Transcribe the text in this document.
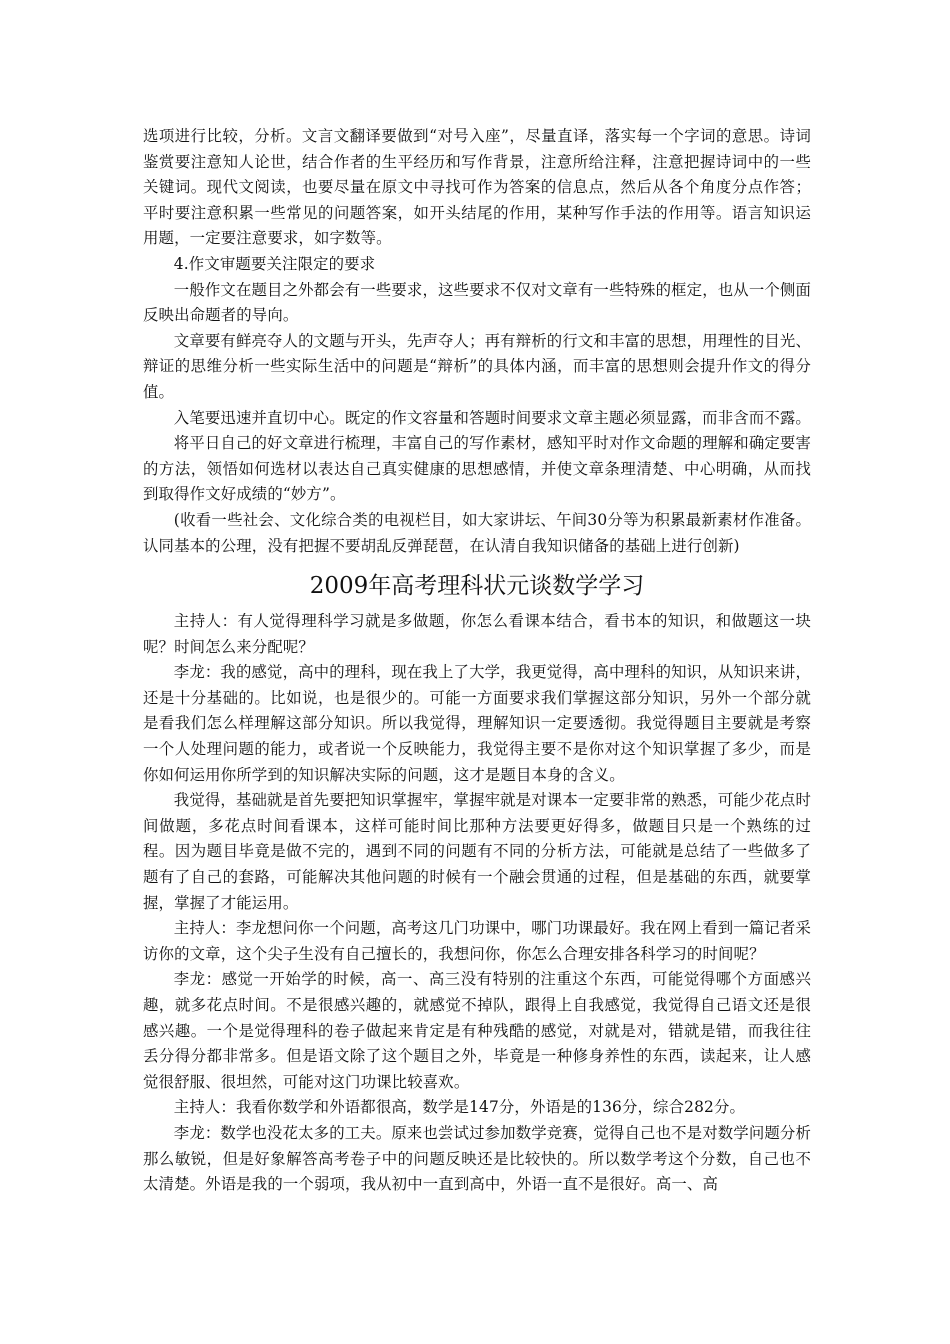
选项进行比较，分析。文言文翻译要做到“对号入座”，尽量直译，落实每一个字词的意思。诗词鉴赏要注意知人论世，结合作者的生平经历和写作背景，注意所给注释，注意把握诗词中的一些关键词。现代文阅读，也要尽量在原文中寻找可作为答案的信息点，然后从各个角度分点作答；平时要注意积累一些常见的问题答案，如开头结尾的作用，某种写作手法的作用等。语言知识运用题，一定要注意要求，如字数等。

4.作文审题要关注限定的要求

一般作文在题目之外都会有一些要求，这些要求不仅对文章有一些特殊的框定，也从一个侧面反映出命题者的导向。

文章要有鲜亮夺人的文题与开头，先声夺人；再有辩析的行文和丰富的思想，用理性的目光、辩证的思维分析一些实际生活中的问题是“辩析”的具体内涵，而丰富的思想则会提升作文的得分值。

入笔要迅速并直切中心。既定的作文容量和答题时间要求文章主题必须显露，而非含而不露。

将平日自己的好文章进行梳理，丰富自己的写作素材，感知平时对作文命题的理解和确定要害的方法，领悟如何选材以表达自己真实健康的思想感情，并使文章条理清楚、中心明确，从而找到取得作文好成绩的“妙方”。

(收看一些社会、文化综合类的电视栏目，如大家讲坛、午间30分等为积累最新素材作准备。认同基本的公理，没有把握不要胡乱反弹琵琶，在认清自我知识储备的基础上进行创新)

2009年高考理科状元谈数学学习

主持人：有人觉得理科学习就是多做题，你怎么看课本结合，看书本的知识，和做题这一块呢？时间怎么来分配呢？

李龙：我的感觉，高中的理科，现在我上了大学，我更觉得，高中理科的知识，从知识来讲，还是十分基础的。比如说，也是很少的。可能一方面要求我们掌握这部分知识，另外一个部分就是看我们怎么样理解这部分知识。所以我觉得，理解知识一定要透彻。我觉得题目主要就是考察一个人处理问题的能力，或者说一个反映能力，我觉得主要不是你对这个知识掌握了多少，而是你如何运用你所学到的知识解决实际的问题，这才是题目本身的含义。

我觉得，基础就是首先要把知识掌握牢，掌握牢就是对课本一定要非常的熟悉，可能少花点时间做题，多花点时间看课本，这样可能时间比那种方法要更好得多，做题目只是一个熟练的过程。因为题目毕竟是做不完的，遇到不同的问题有不同的分析方法，可能就是总结了一些做多了题有了自己的套路，可能解决其他问题的时候有一个融会贯通的过程，但是基础的东西，就要掌握，掌握了才能运用。

主持人：李龙想问你一个问题，高考这几门功课中，哪门功课最好。我在网上看到一篇记者采访你的文章，这个尖子生没有自己擅长的，我想问你，你怎么合理安排各科学习的时间呢？

李龙：感觉一开始学的时候，高一、高三没有特别的注重这个东西，可能觉得哪个方面感兴趣，就多花点时间。不是很感兴趣的，就感觉不掉队，跟得上自我感觉，我觉得自己语文还是很感兴趣。一个是觉得理科的卷子做起来肯定是有种残酷的感觉，对就是对，错就是错，而我往往丢分得分都非常多。但是语文除了这个题目之外，毕竟是一种修身养性的东西，读起来，让人感觉很舒服、很坦然，可能对这门功课比较喜欢。

主持人：我看你数学和外语都很高，数学是147分，外语是的136分，综合282分。

李龙：数学也没花太多的工夫。原来也尝试过参加数学竞赛，觉得自己也不是对数学问题分析那么敏锐，但是好象解答高考卷子中的问题反映还是比较快的。所以数学考这个分数，自己也不太清楚。外语是我的一个弱项，我从初中一直到高中，外语一直不是很好。高一、高
